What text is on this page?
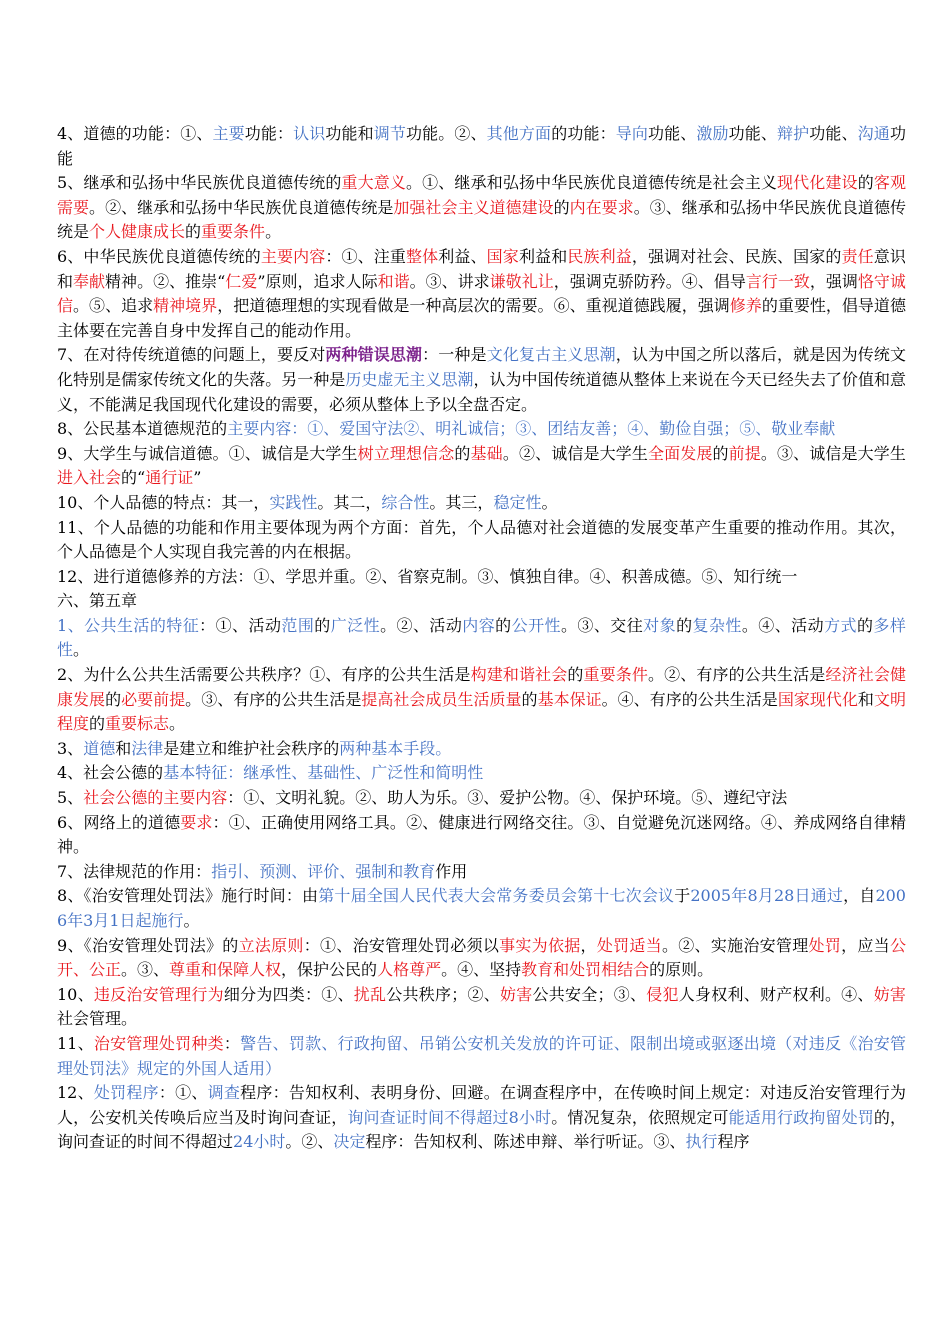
4、道德的功能：①、主要功能：认识功能和调节功能。②、其他方面的功能：导向功能、激励功能、辩护功能、沟通功能

5、继承和弘扬中华民族优良道德传统的重大意义。①、继承和弘扬中华民族优良道德传统是社会主义现代化建设的客观需要。②、继承和弘扬中华民族优良道德传统是加强社会主义道德建设的内在要求。③、继承和弘扬中华民族优良道德传统是个人健康成长的重要条件。

6、中华民族优良道德传统的主要内容：①、注重整体利益、国家利益和民族利益，强调对社会、民族、国家的责任意识和奉献精神。②、推崇“仁爱”原则，追求人际和谐。③、讲求谦敬礼让，强调克骄防矜。④、倡导言行一致，强调恪守诚信。⑤、追求精神境界，把道德理想的实现看做是一种高层次的需要。⑥、重视道德践履，强调修养的重要性，倡导道德主体要在完善自身中发挥自己的能动作用。

7、在对待传统道德的问题上，要反对两种错误思潮：一种是文化复古主义思潮，认为中国之所以落后，就是因为传统文化特别是儒家传统文化的失落。另一种是历史虚无主义思潮，认为中国传统道德从整体上来说在今天已经失去了价值和意义，不能满足我国现代化建设的需要，必须从整体上予以全盘否定。

8、公民基本道德规范的主要内容：①、爱国守法②、明礼诚信；③、团结友善；④、勤俭自强；⑤、敬业奉献

9、大学生与诚信道德。①、诚信是大学生树立理想信念的基础。②、诚信是大学生全面发展的前提。③、诚信是大学生进入社会的“通行证”

10、个人品德的特点：其一，实践性。其二，综合性。其三，稳定性。

11、个人品德的功能和作用主要体现为两个方面：首先，个人品德对社会道德的发展变革产生重要的推动作用。其次，个人品德是个人实现自我完善的内在根据。

12、进行道德修养的方法：①、学思并重。②、省察克制。③、慎独自律。④、积善成德。⑤、知行统一

六、第五章

1、公共生活的特征：①、活动范围的广泛性。②、活动内容的公开性。③、交往对象的复杂性。④、活动方式的多样性。

2、为什么公共生活需要公共秩序？①、有序的公共生活是构建和谐社会的重要条件。②、有序的公共生活是经济社会健康发展的必要前提。③、有序的公共生活是提高社会成员生活质量的基本保证。④、有序的公共生活是国家现代化和文明程度的重要标志。

3、道德和法律是建立和维护社会秩序的两种基本手段。

4、社会公德的基本特征：继承性、基础性、广泛性和简明性

5、社会公德的主要内容：①、文明礼貌。②、助人为乐。③、爱护公物。④、保护环境。⑤、遵纪守法

6、网络上的道德要求：①、正确使用网络工具。②、健康进行网络交往。③、自觉避免沉迷网络。④、养成网络自律精神。

7、法律规范的作用：指引、预测、评价、强制和教育作用

8、《治安管理处罚法》施行时间：由第十届全国人民代表大会常务委员会第十七次会议于2005年8月28日通过，自2006年3月1日起施行。

9、《治安管理处罚法》的立法原则：①、治安管理处罚必须以事实为依据，处罚适当。②、实施治安管理处罚，应当公开、公正。③、尊重和保障人权，保护公民的人格尊严。④、坚持教育和处罚相结合的原则。

10、违反治安管理行为细分为四类：①、扰乱公共秩序；②、妨害公共安全；③、侵犯人身权利、财产权利。④、妨害社会管理。

11、治安管理处罚种类：警告、罚款、行政拘留、吊销公安机关发放的许可证、限制出境或驱逐出境（对违反《治安管理处罚法》规定的外国人适用）

12、处罚程序：①、调查程序：告知权利、表明身份、回避。在调查程序中，在传唤时间上规定：对违反治安管理行为人，公安机关传唤后应当及时询问查证，询问查证时间不得超过8小时。情况复杂，依照规定可能适用行政拘留处罚的，询问查证的时间不得超过24小时。②、决定程序：告知权利、陈述申辩、举行听证。③、执行程序
